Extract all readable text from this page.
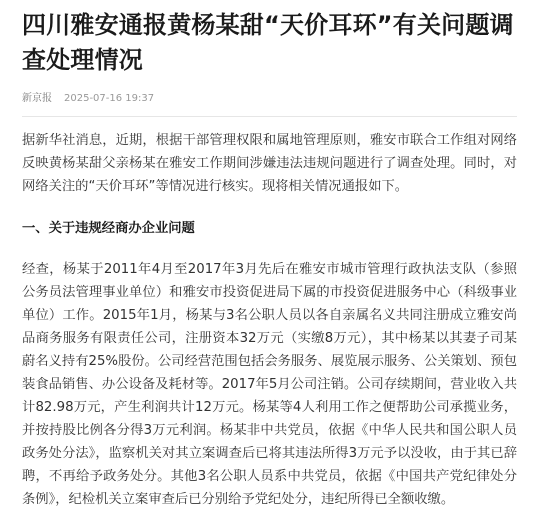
四川雅安通报黄杨某甜“天价耳环”有关问题调查处理情况
新京报 2025-07-16 19:37

据新华社消息，近期，根据干部管理权限和属地管理原则，雅安市联合工作组对网络反映黄杨某甜父亲杨某在雅安工作期间涉嫌违法违规问题进行了调查处理。同时，对网络关注的“天价耳环”等情况进行核实。现将相关情况通报如下。

一、关于违规经商办企业问题

经查，杨某于2011年4月至2017年3月先后在雅安市城市管理行政执法支队（参照公务员法管理事业单位）和雅安市投资促进局下属的市投资促进服务中心（科级事业单位）工作。2015年1月，杨某与3名公职人员以各自亲属名义共同注册成立雅安尚品商务服务有限责任公司，注册资本32万元（实缴8万元），其中杨某以其妻子司某蔚名义持有25%股份。公司经营范围包括会务服务、展览展示服务、公关策划、预包装食品销售、办公设备及耗材等。2017年5月公司注销。公司存续期间，营业收入共计82.98万元，产生利润共计12万元。杨某等4人利用工作之便帮助公司承揽业务，并按持股比例各分得3万元利润。杨某非中共党员，依据《中华人民共和国公职人员政务处分法》，监察机关对其立案调查后已将其违法所得3万元予以没收，由于其已辞聘，不再给予政务处分。其他3名公职人员系中共党员，依据《中国共产党纪律处分条例》，纪检机关立案审查后已分别给予党纪处分，违纪所得已全额收缴。
